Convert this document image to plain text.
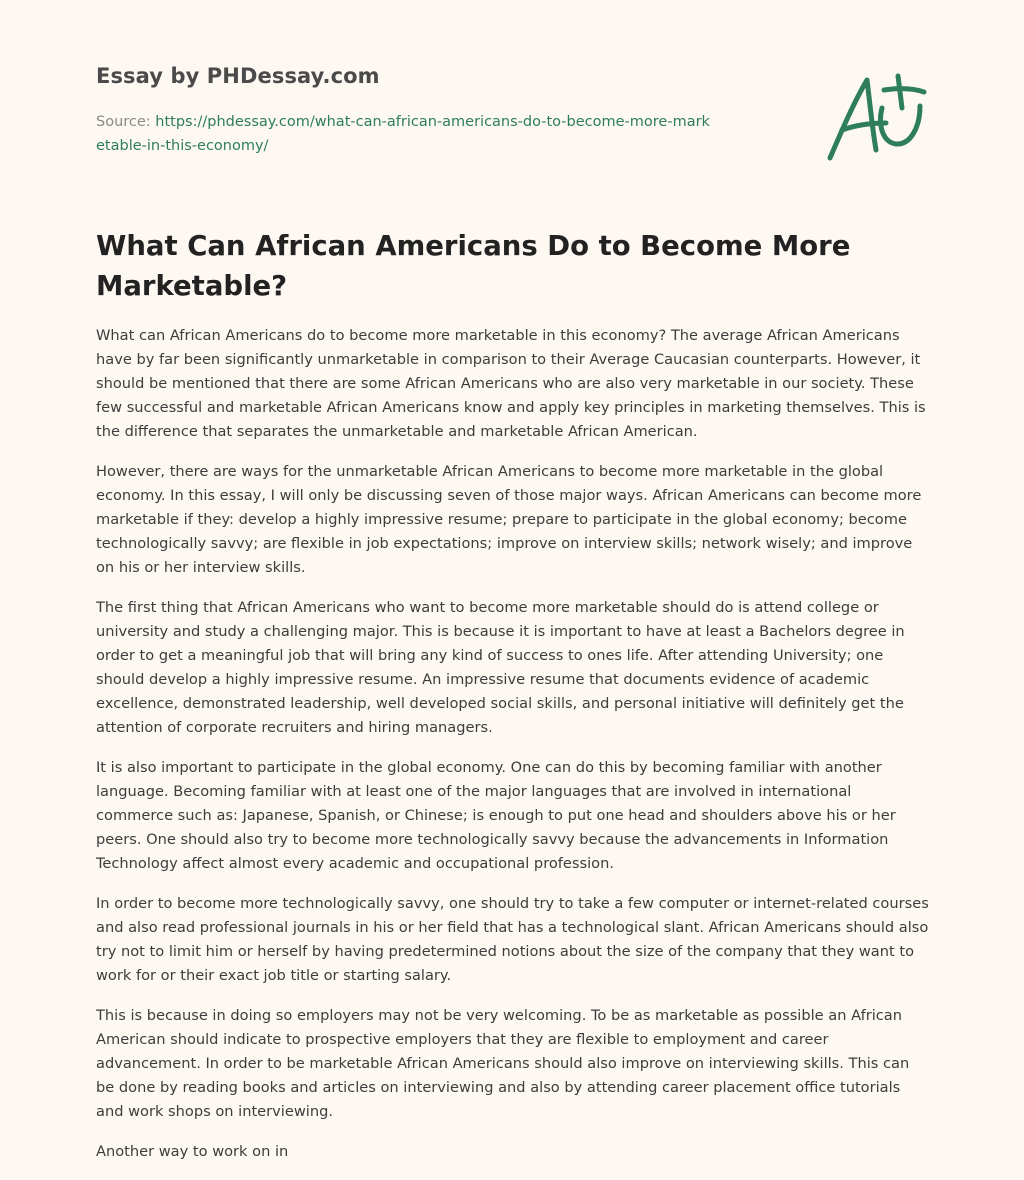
Essay by PHDessay.com
Source: https://phdessay.com/what-can-african-americans-do-to-become-more-marketable-in-this-economy/
What Can African Americans Do to Become More Marketable?

What can African Americans do to become more marketable in this economy? The average African Americans have by far been significantly unmarketable in comparison to their Average Caucasian counterparts. However, it should be mentioned that there are some African Americans who are also very marketable in our society. These few successful and marketable African Americans know and apply key principles in marketing themselves. This is the difference that separates the unmarketable and marketable African American.

However, there are ways for the unmarketable African Americans to become more marketable in the global economy. In this essay, I will only be discussing seven of those major ways. African Americans can become more marketable if they: develop a highly impressive resume; prepare to participate in the global economy; become technologically savvy; are flexible in job expectations; improve on interview skills; network wisely; and improve on his or her interview skills.

The first thing that African Americans who want to become more marketable should do is attend college or university and study a challenging major. This is because it is important to have at least a Bachelors degree in order to get a meaningful job that will bring any kind of success to ones life. After attending University; one should develop a highly impressive resume. An impressive resume that documents evidence of academic excellence, demonstrated leadership, well developed social skills, and personal initiative will definitely get the attention of corporate recruiters and hiring managers.

It is also important to participate in the global economy. One can do this by becoming familiar with another language. Becoming familiar with at least one of the major languages that are involved in international commerce such as: Japanese, Spanish, or Chinese; is enough to put one head and shoulders above his or her peers. One should also try to become more technologically savvy because the advancements in Information Technology affect almost every academic and occupational profession.

In order to become more technologically savvy, one should try to take a few computer or internet-related courses and also read professional journals in his or her field that has a technological slant. African Americans should also try not to limit him or herself by having predetermined notions about the size of the company that they want to work for or their exact job title or starting salary.

This is because in doing so employers may not be very welcoming. To be as marketable as possible an African American should indicate to prospective employers that they are flexible to employment and career advancement. In order to be marketable African Americans should also improve on interviewing skills. This can be done by reading books and articles on interviewing and also by attending career placement office tutorials and work shops on interviewing.

Another way to work on in
